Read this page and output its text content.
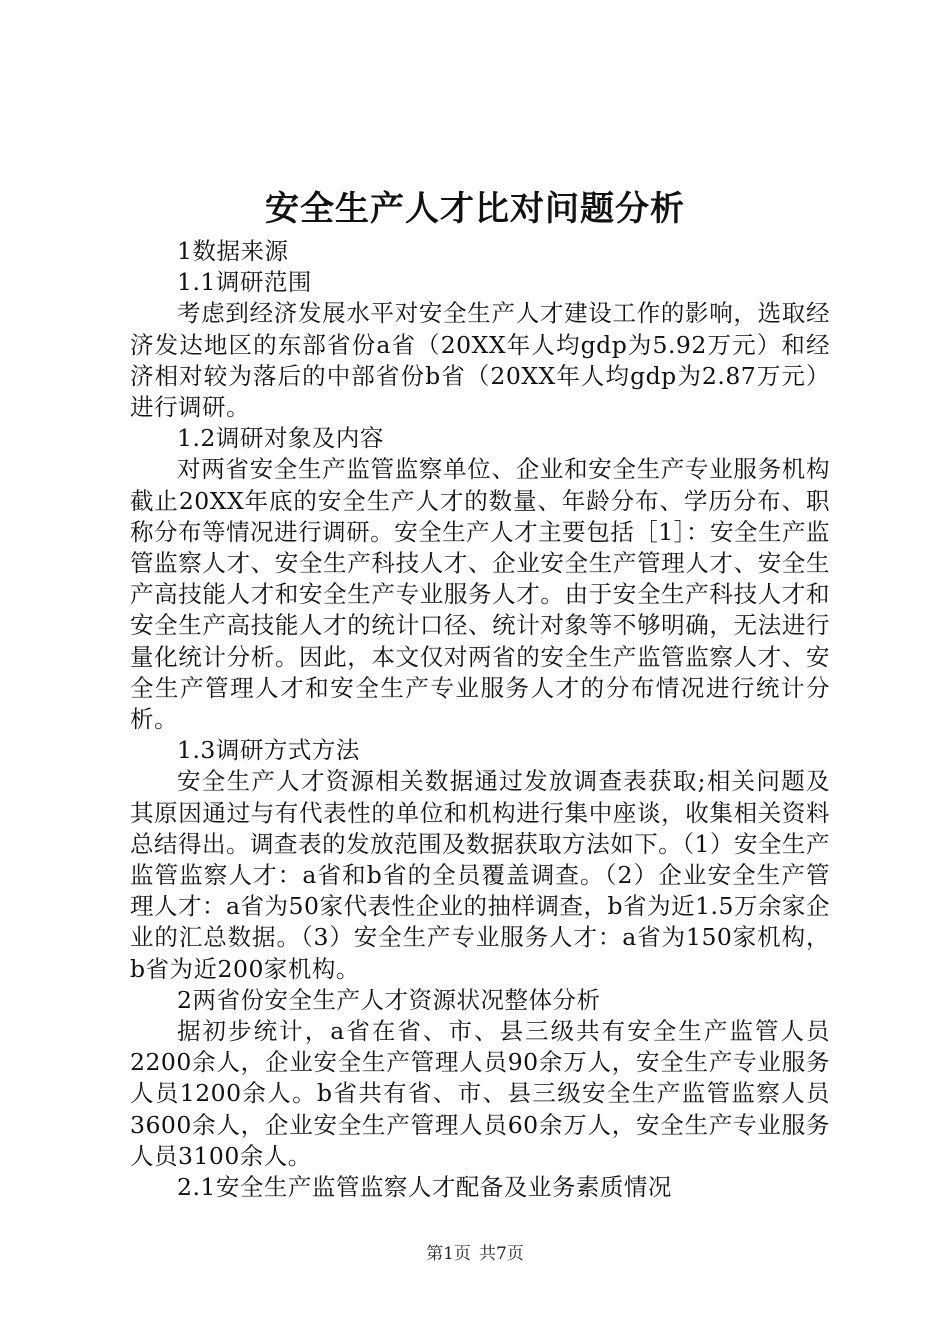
安全生产人才比对问题分析

1数据来源

1.1调研范围

考虑到经济发展水平对安全生产人才建设工作的影响，选取经济发达地区的东部省份a省（20XX年人均gdp为5.92万元）和经济相对较为落后的中部省份b省（20XX年人均gdp为2.87万元）进行调研。

1.2调研对象及内容

对两省安全生产监管监察单位、企业和安全生产专业服务机构截止20XX年底的安全生产人才的数量、年龄分布、学历分布、职称分布等情况进行调研。安全生产人才主要包括［1］：安全生产监管监察人才、安全生产科技人才、企业安全生产管理人才、安全生产高技能人才和安全生产专业服务人才。由于安全生产科技人才和安全生产高技能人才的统计口径、统计对象等不够明确，无法进行量化统计分析。因此，本文仅对两省的安全生产监管监察人才、安全生产管理人才和安全生产专业服务人才的分布情况进行统计分析。

1.3调研方式方法

安全生产人才资源相关数据通过发放调查表获取;相关问题及其原因通过与有代表性的单位和机构进行集中座谈，收集相关资料总结得出。调查表的发放范围及数据获取方法如下。（1）安全生产监管监察人才：a省和b省的全员覆盖调查。（2）企业安全生产管理人才：a省为50家代表性企业的抽样调查，b省为近1.5万余家企业的汇总数据。（3）安全生产专业服务人才：a省为150家机构，b省为近200家机构。

2两省份安全生产人才资源状况整体分析

据初步统计，a省在省、市、县三级共有安全生产监管人员2200余人，企业安全生产管理人员90余万人，安全生产专业服务人员1200余人。b省共有省、市、县三级安全生产监管监察人员3600余人，企业安全生产管理人员60余万人，安全生产专业服务人员3100余人。

2.1安全生产监管监察人才配备及业务素质情况

第1页 共7页
